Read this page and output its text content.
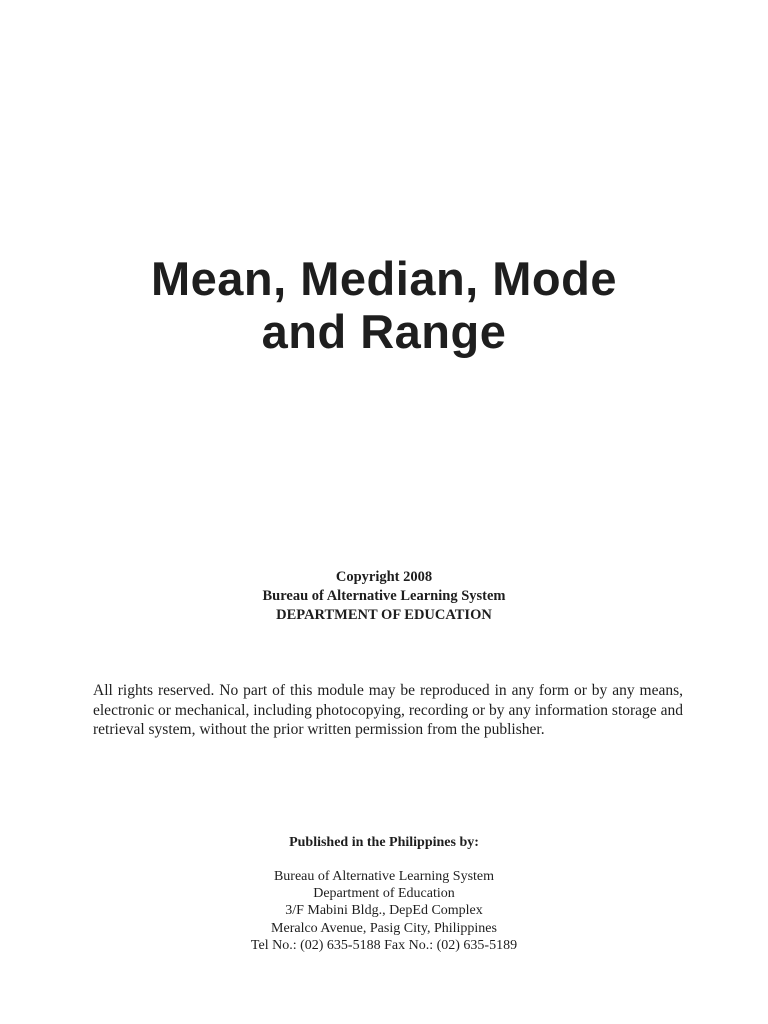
Mean, Median, Mode
and Range
Copyright 2008
Bureau of Alternative Learning System
DEPARTMENT OF EDUCATION
All rights reserved. No part of this module may be reproduced in any form or by any means, electronic or mechanical, including photocopying, recording or by any information storage and retrieval system, without the prior written permission from the publisher.
Published in the Philippines by:
Bureau of Alternative Learning System
Department of Education
3/F Mabini Bldg., DepEd Complex
Meralco Avenue, Pasig City, Philippines
Tel No.: (02) 635-5188 Fax No.: (02) 635-5189
